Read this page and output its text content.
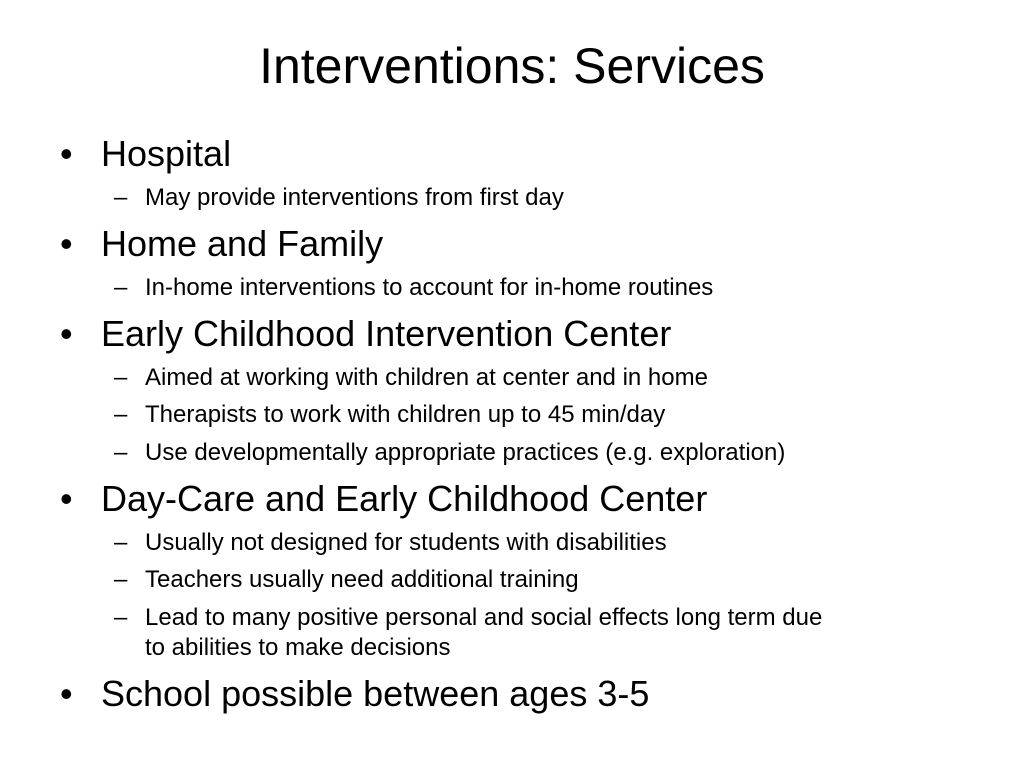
Interventions: Services
• Hospital
– May provide interventions from first day
• Home and Family
– In-home interventions to account for in-home routines
• Early Childhood Intervention Center
– Aimed at working with children at center and in home
– Therapists to work with children up to 45 min/day
– Use developmentally appropriate practices (e.g. exploration)
• Day-Care and Early Childhood Center
– Usually not designed for students with disabilities
– Teachers usually need additional training
– Lead to many positive personal and social effects long term due
to abilities to make decisions
• School possible between ages 3-5
